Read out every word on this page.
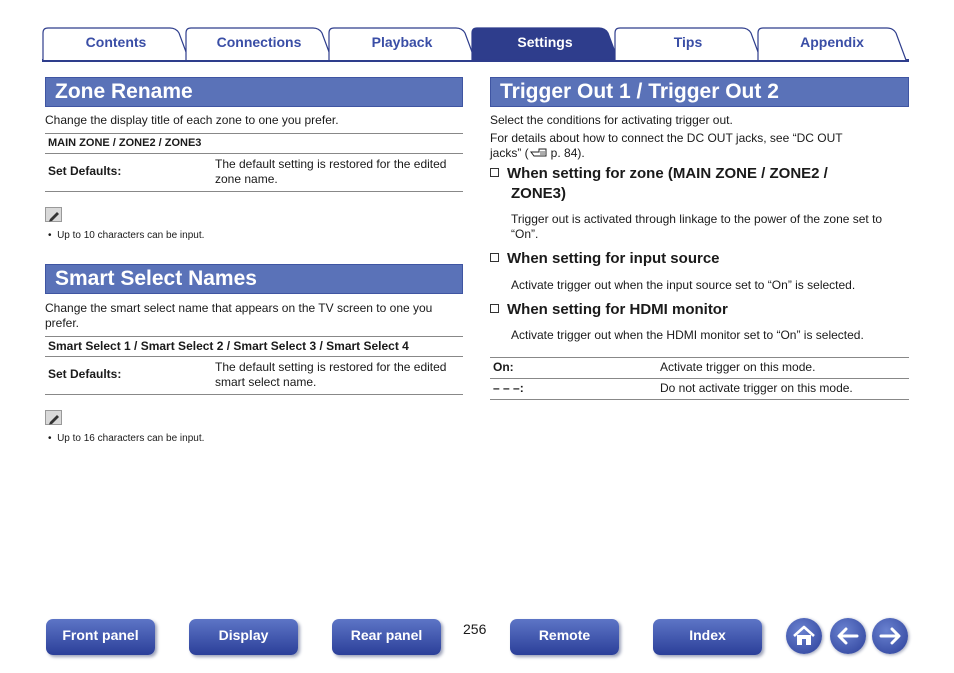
Contents	Connections	Playback	Settings	Tips	Appendix
Zone Rename
Change the display title of each zone to one you prefer.
MAIN ZONE / ZONE2 / ZONE3
Set Defaults:	The default setting is restored for the edited
zone name.
•  Up to 10 characters can be input.
Smart Select Names
Change the smart select name that appears on the TV screen to one you
prefer.
Smart Select 1 / Smart Select 2 / Smart Select 3 / Smart Select 4
Set Defaults:	The default setting is restored for the edited
smart select name.
•  Up to 16 characters can be input.
Trigger Out 1 / Trigger Out 2
Select the conditions for activating trigger out.
For details about how to connect the DC OUT jacks, see “DC OUT
jacks” ( p. 84).
When setting for zone (MAIN ZONE / ZONE2 /
ZONE3)
Trigger out is activated through linkage to the power of the zone set to
“On”.
When setting for input source
Activate trigger out when the input source set to “On” is selected.
When setting for HDMI monitor
Activate trigger out when the HDMI monitor set to “On” is selected.
On:	Activate trigger on this mode.
– – –:	Do not activate trigger on this mode.
Front panel	Display	Rear panel	256	Remote	Index
